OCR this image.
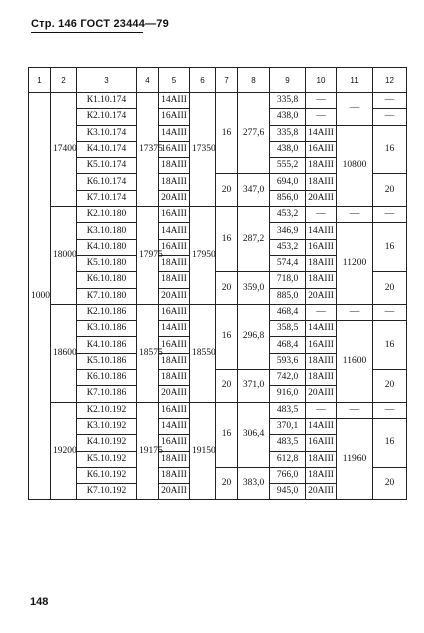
Стр. 146 ГОСТ 23444—79
1	2	3	4	5	6	7	8	9	10	11	12
1000	17400	К1.10.174	17375	14АIII	17350	16	277,6	335,8	—	—	—
		К2.10.174		16АIII				438,0	—		—
		К3.10.174		14АIII				335,8	14АIII	10800	16
		К4.10.174		16АIII				438,0	16АIII		
		К5.10.174		18АIII				555,2	18АIII		
		К6.10.174		18АIII		20	347,0	694,0	18АIII		20
		К7.10.174		20АIII				856,0	20АIII		
	18000	К2.10.180	17975	16АIII	17950	16	287,2	453,2	—	—	—
		К3.10.180		14АIII				346,9	14АIII	11200	16
		К4.10.180		16АIII				453,2	16АIII		
		К5.10.180		18АIII				574,4	18АIII		
		К6.10.180		18АIII		20	359,0	718,0	18АIII		20
		К7.10.180		20АIII				885,0	20АIII		
	18600	К2.10.186	18575	16АIII	18550	16	296,8	468,4	—	—	—
		К3.10.186		14АIII				358,5	14АIII	11600	16
		К4.10.186		16АIII				468,4	16АIII		
		К5.10.186		18АIII				593,6	18АIII		
		К6.10.186		18АIII		20	371,0	742,0	18АIII		20
		К7.10.186		20АIII				916,0	20АIII		
	19200	К2.10.192	19175	16АIII	19150	16	306,4	483,5	—	—	—
		К3.10.192		14АIII				370,1	14АIII	11960	16
		К4.10.192		16АIII				483,5	16АIII		
		К5.10.192		18АIII				612,8	18АIII		
		К6.10.192		18АIII		20	383,0	766,0	18АIII		20
		К7.10.192		20АIII				945,0	20АIII		
148
